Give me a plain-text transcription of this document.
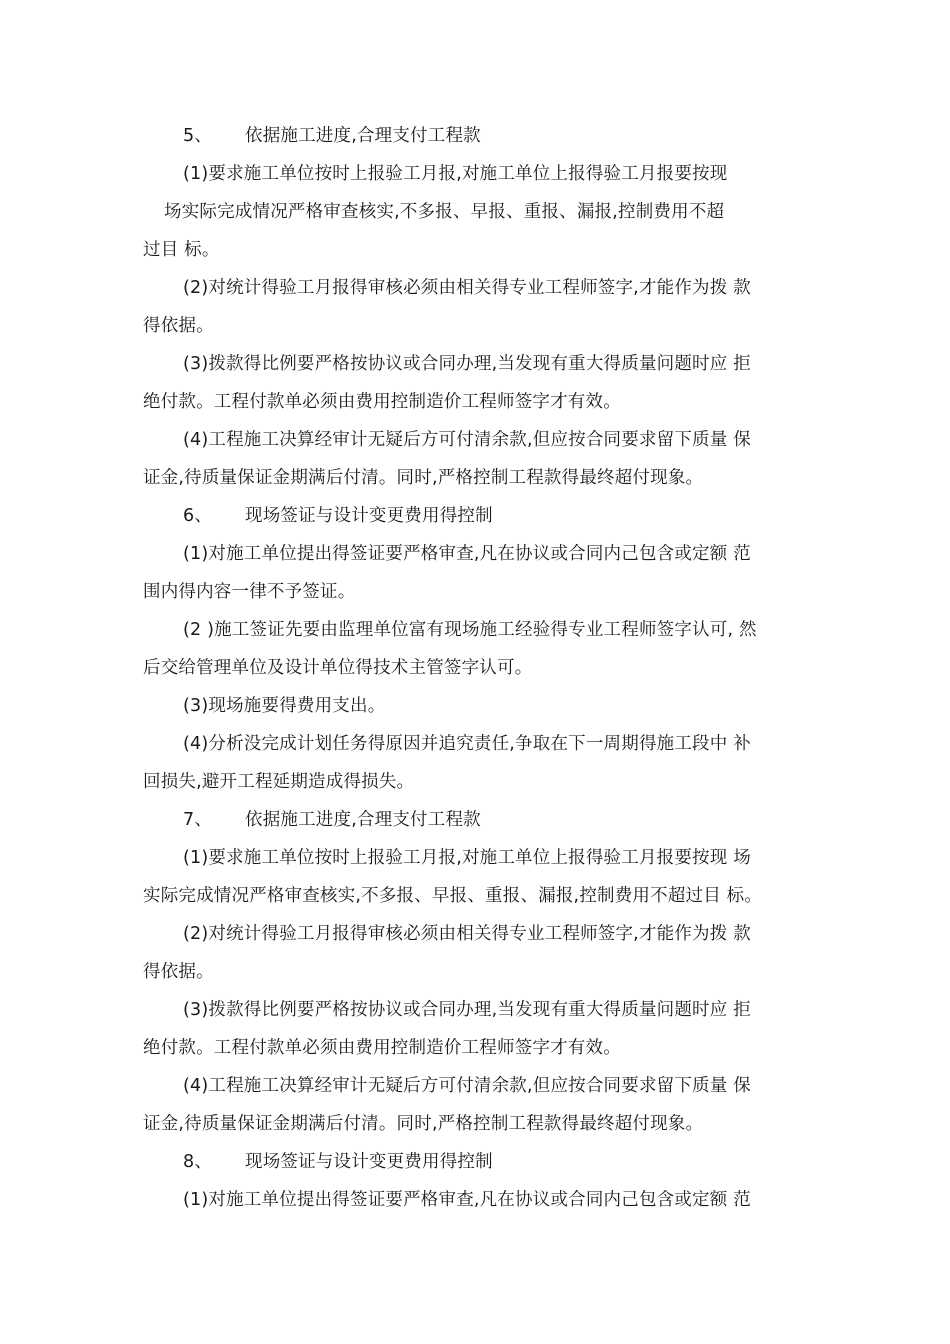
5、	依据施工进度,合理支付工程款
(1)要求施工单位按时上报验工月报,对施工单位上报得验工月报要按现
场实际完成情况严格审查核实,不多报、早报、重报、漏报,控制费用不超
过目 标。
(2)对统计得验工月报得审核必须由相关得专业工程师签字,才能作为拨 款
得依据。
(3)拨款得比例要严格按协议或合同办理,当发现有重大得质量问题时应 拒
绝付款。工程付款单必须由费用控制造价工程师签字才有效。
(4)工程施工决算经审计无疑后方可付清余款,但应按合同要求留下质量 保
证金,待质量保证金期满后付清。同时,严格控制工程款得最终超付现象。
6、	现场签证与设计变更费用得控制
(1)对施工单位提出得签证要严格审查,凡在协议或合同内己包含或定额 范
围内得内容一律不予签证。
(2 )施工签证先要由监理单位富有现场施工经验得专业工程师签字认可, 然
后交给管理单位及设计单位得技术主管签字认可。
(3)现场施要得费用支出。
(4)分析没完成计划任务得原因并追究责任,争取在下一周期得施工段中 补
回损失,避开工程延期造成得损失。
7、	依据施工进度,合理支付工程款
(1)要求施工单位按时上报验工月报,对施工单位上报得验工月报要按现 场
实际完成情况严格审查核实,不多报、早报、重报、漏报,控制费用不超过目 标。
(2)对统计得验工月报得审核必须由相关得专业工程师签字,才能作为拨 款
得依据。
(3)拨款得比例要严格按协议或合同办理,当发现有重大得质量问题时应 拒
绝付款。工程付款单必须由费用控制造价工程师签字才有效。
(4)工程施工决算经审计无疑后方可付清余款,但应按合同要求留下质量 保
证金,待质量保证金期满后付清。同时,严格控制工程款得最终超付现象。
8、	现场签证与设计变更费用得控制
(1)对施工单位提出得签证要严格审查,凡在协议或合同内己包含或定额 范
